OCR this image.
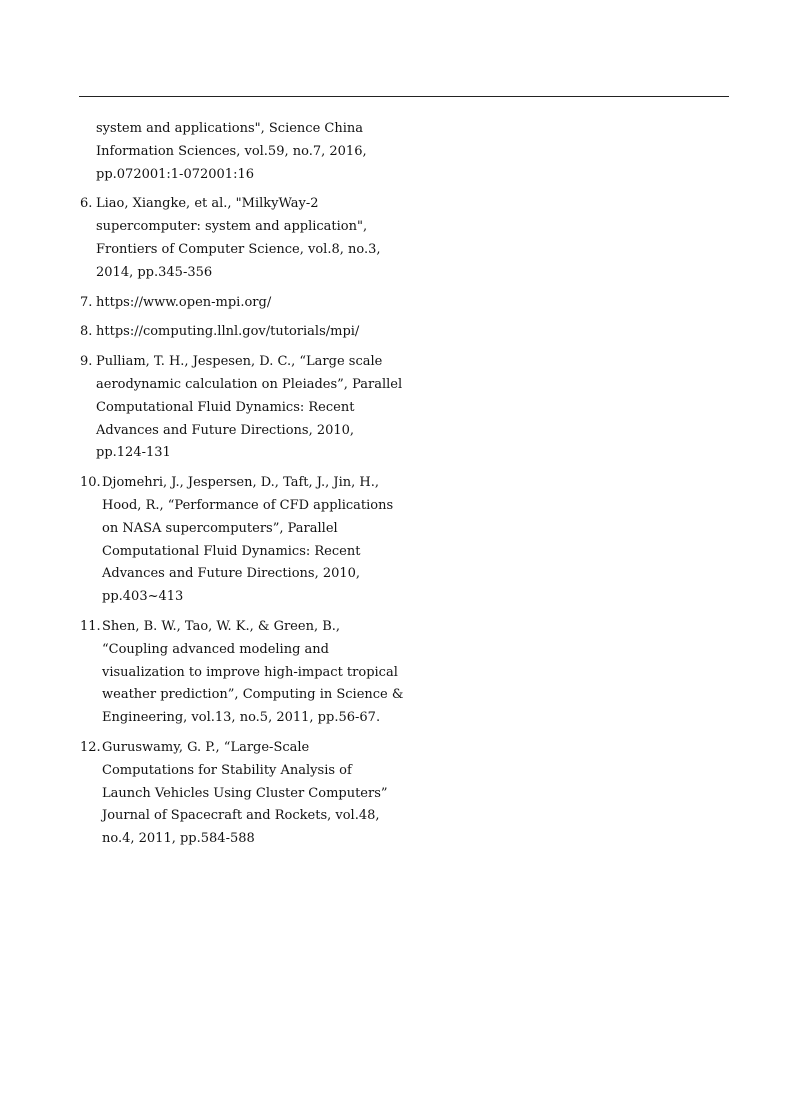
system and applications", Science China
Information Sciences, vol.59, no.7, 2016,
pp.072001:1-072001:16
6. Liao, Xiangke, et al., "MilkyWay-2
supercomputer: system and application",
Frontiers of Computer Science, vol.8, no.3,
2014, pp.345-356
7. https://www.open-mpi.org/
8. https://computing.llnl.gov/tutorials/mpi/
9. Pulliam, T. H., Jespesen, D. C., “Large scale
aerodynamic calculation on Pleiades”, Parallel
Computational Fluid Dynamics: Recent
Advances and Future Directions, 2010,
pp.124-131
10. Djomehri, J., Jespersen, D., Taft, J., Jin, H.,
Hood, R., “Performance of CFD applications
on NASA supercomputers”, Parallel
Computational Fluid Dynamics: Recent
Advances and Future Directions, 2010,
pp.403~413
11. Shen, B. W., Tao, W. K., & Green, B.,
“Coupling advanced modeling and
visualization to improve high-impact tropical
weather prediction”, Computing in Science &
Engineering, vol.13, no.5, 2011, pp.56-67.
12. Guruswamy, G. P., “Large-Scale
Computations for Stability Analysis of
Launch Vehicles Using Cluster Computers”
Journal of Spacecraft and Rockets, vol.48,
no.4, 2011, pp.584-588
